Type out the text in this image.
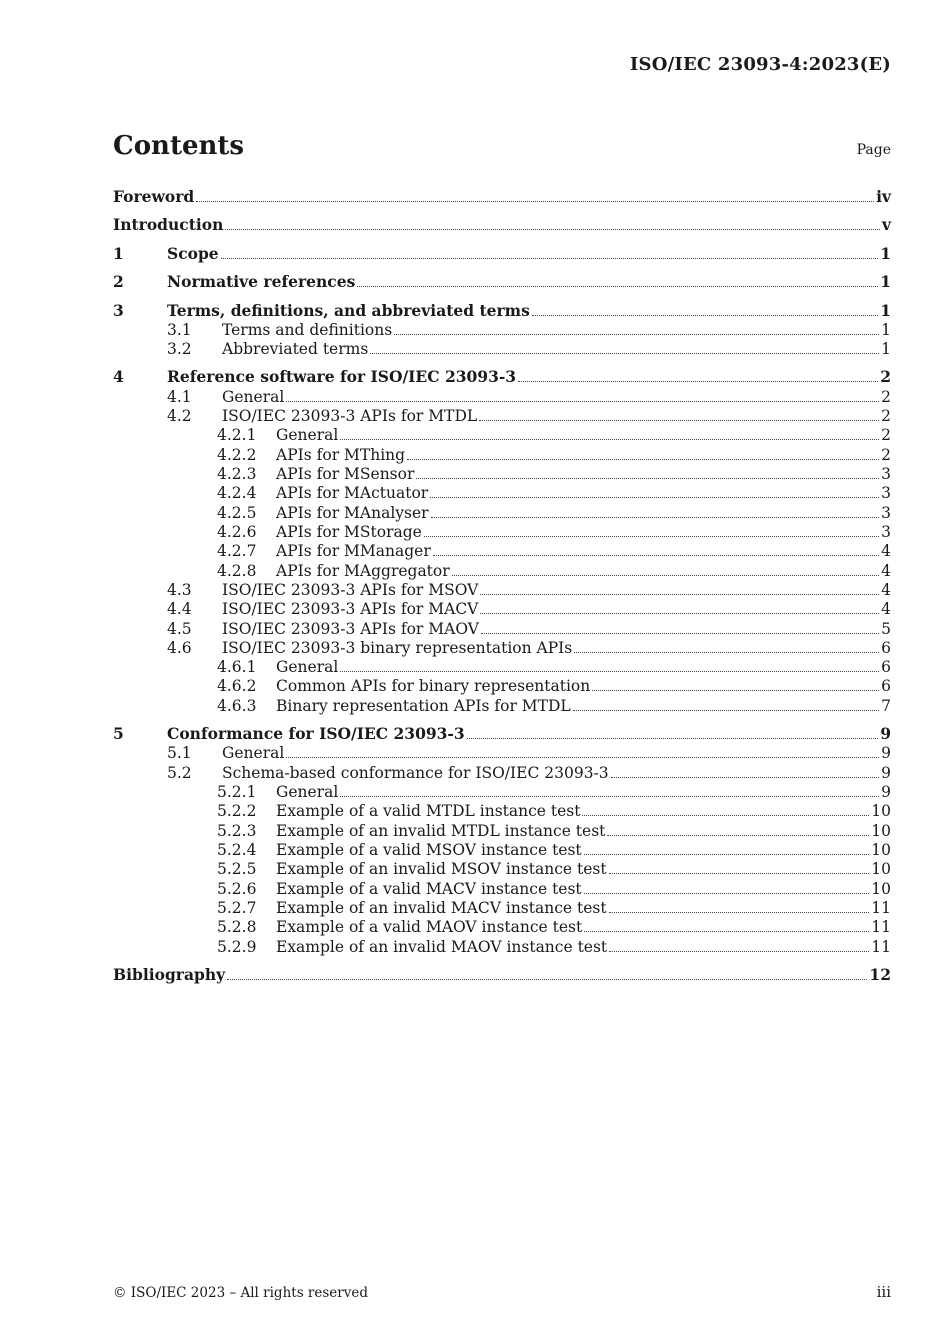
ISO/IEC 23093-4:2023(E)
Contents	Page
Foreword	iv
Introduction	v
1	Scope	1
2	Normative references	1
3	Terms, definitions, and abbreviated terms	1
3.1	Terms and definitions	1
3.2	Abbreviated terms	1
4	Reference software for ISO/IEC 23093-3	2
4.1	General	2
4.2	ISO/IEC 23093-3 APIs for MTDL	2
4.2.1	General	2
4.2.2	APIs for MThing	2
4.2.3	APIs for MSensor	3
4.2.4	APIs for MActuator	3
4.2.5	APIs for MAnalyser	3
4.2.6	APIs for MStorage	3
4.2.7	APIs for MManager	4
4.2.8	APIs for MAggregator	4
4.3	ISO/IEC 23093-3 APIs for MSOV	4
4.4	ISO/IEC 23093-3 APIs for MACV	4
4.5	ISO/IEC 23093-3 APIs for MAOV	5
4.6	ISO/IEC 23093-3 binary representation APIs	6
4.6.1	General	6
4.6.2	Common APIs for binary representation	6
4.6.3	Binary representation APIs for MTDL	7
5	Conformance for ISO/IEC 23093-3	9
5.1	General	9
5.2	Schema-based conformance for ISO/IEC 23093-3	9
5.2.1	General	9
5.2.2	Example of a valid MTDL instance test	10
5.2.3	Example of an invalid MTDL instance test	10
5.2.4	Example of a valid MSOV instance test	10
5.2.5	Example of an invalid MSOV instance test	10
5.2.6	Example of a valid MACV instance test	10
5.2.7	Example of an invalid MACV instance test	11
5.2.8	Example of a valid MAOV instance test	11
5.2.9	Example of an invalid MAOV instance test	11
Bibliography	12
© ISO/IEC 2023 – All rights reserved	iii
